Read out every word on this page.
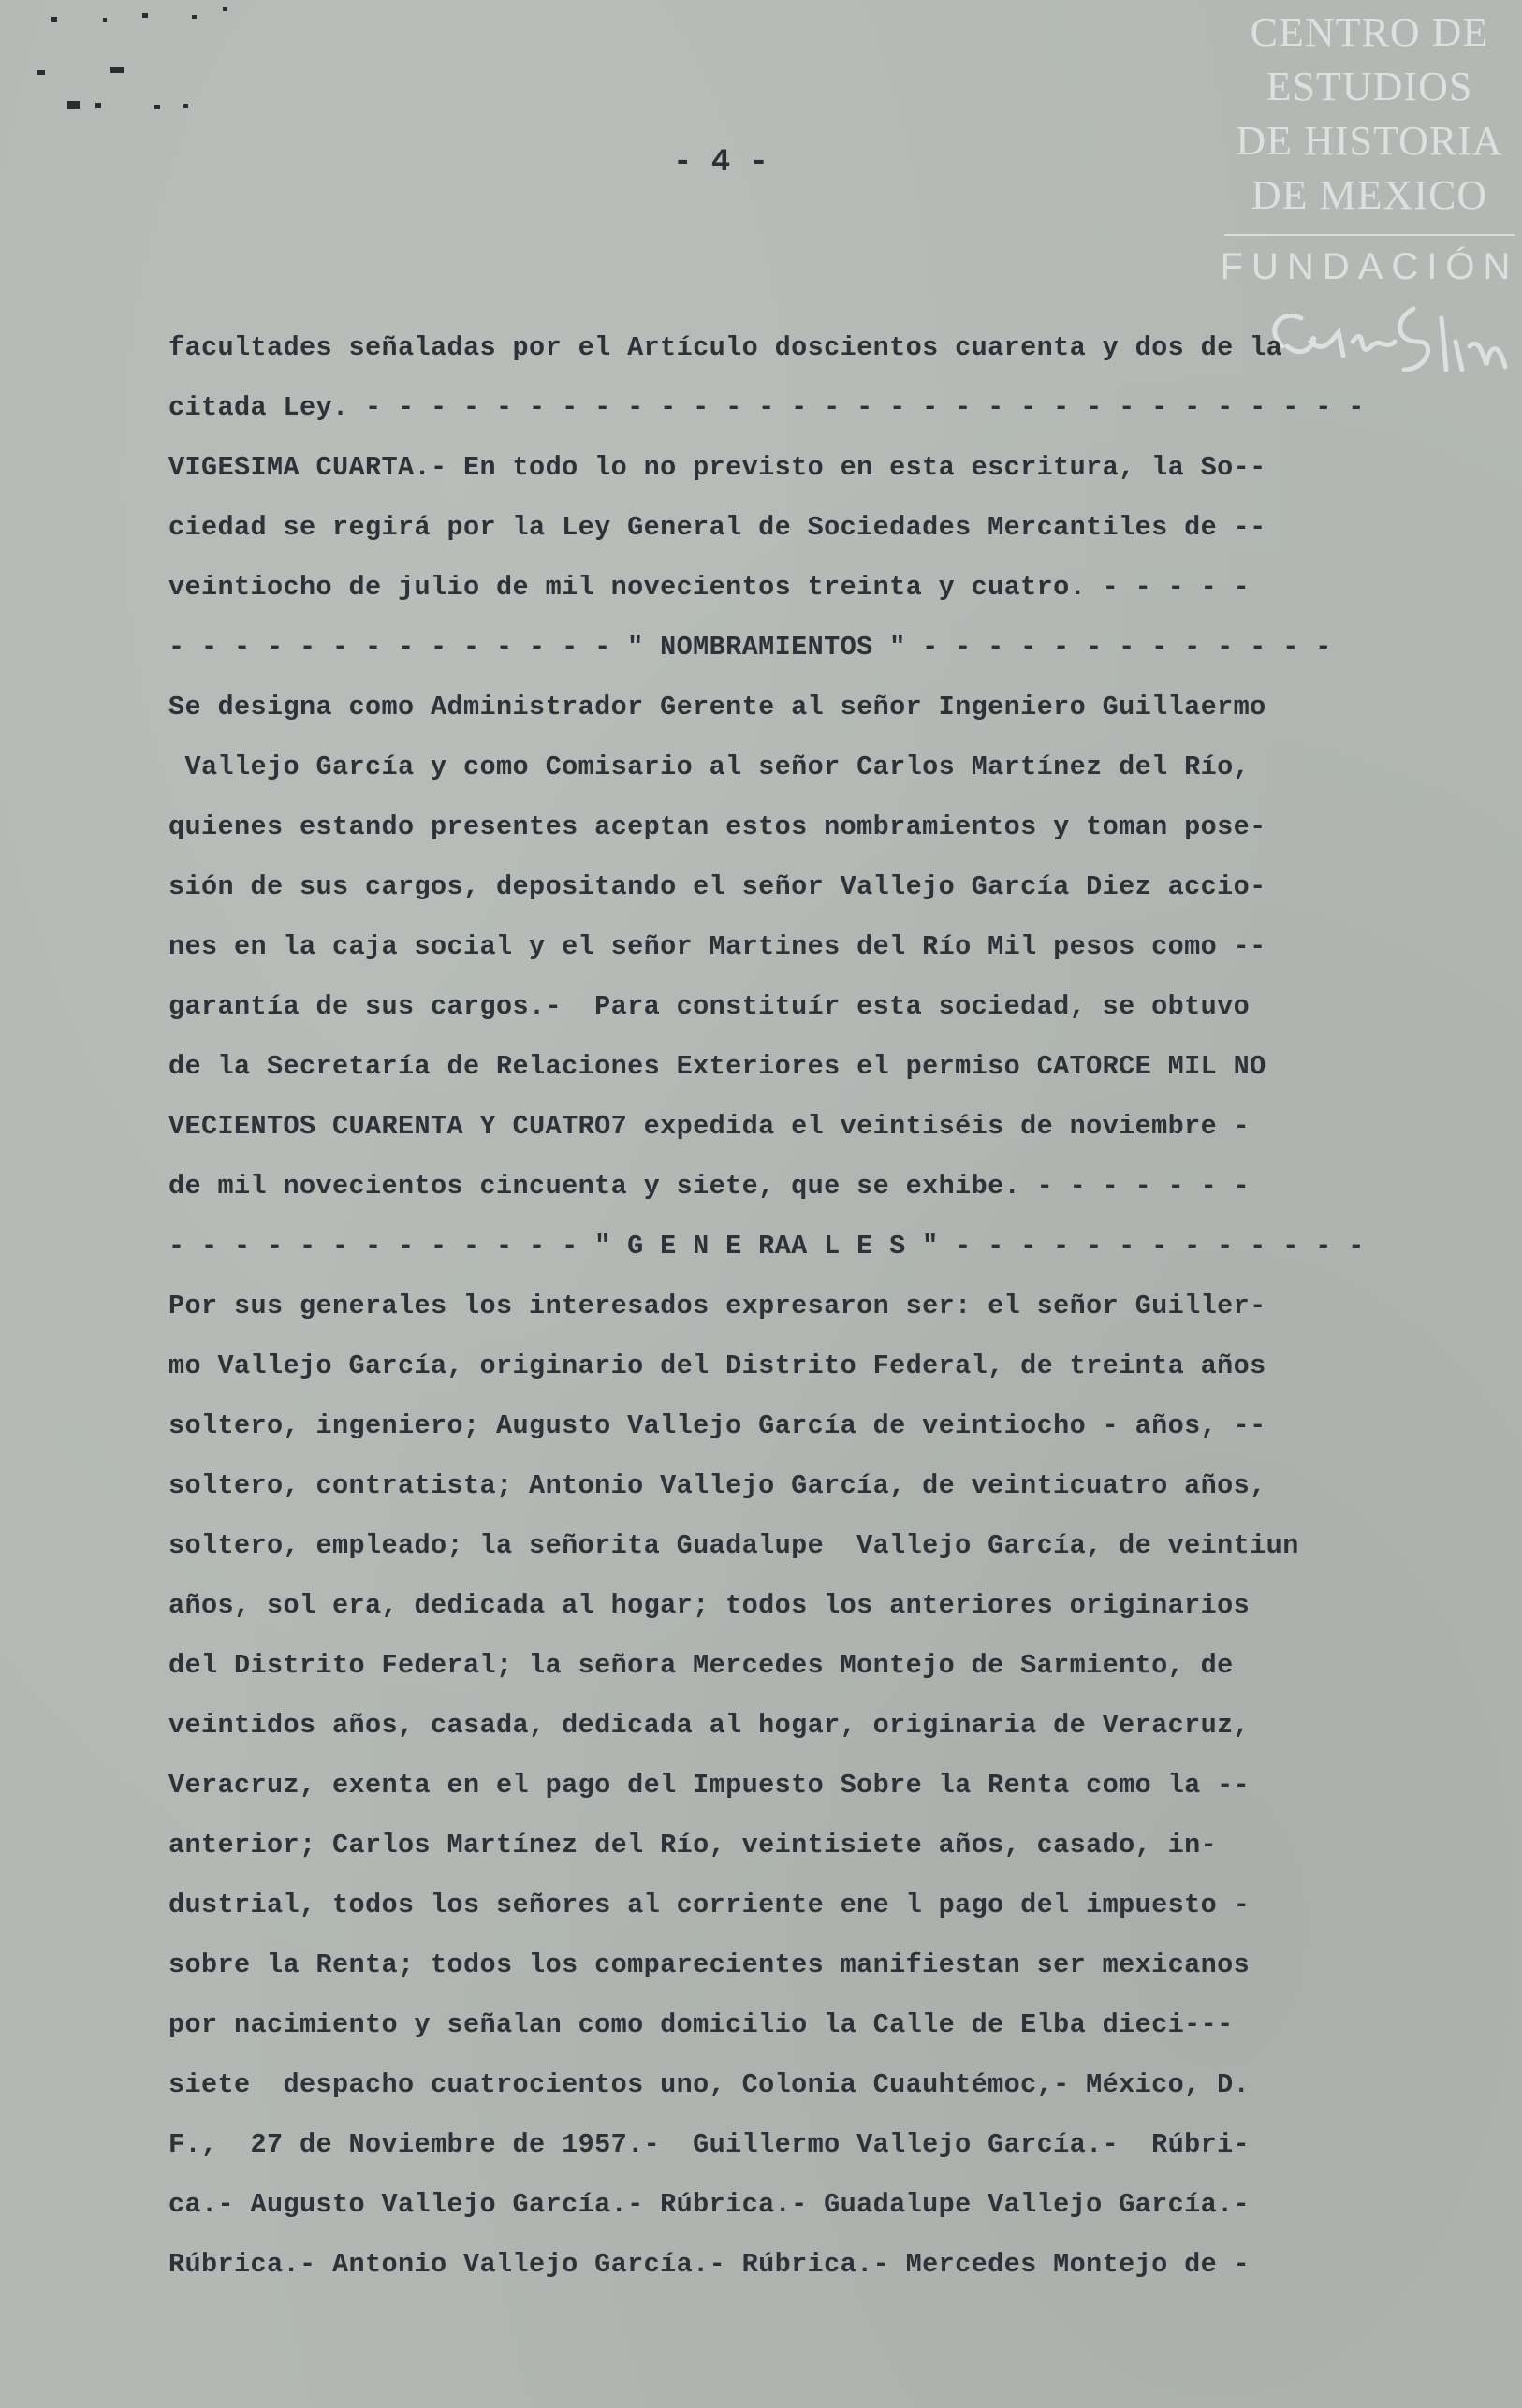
CENTRO DE
ESTUDIOS
DE HISTORIA
DE MEXICO
FUNDACIÓN
- 4 -
facultades señaladas por el Artículo doscientos cuarenta y dos de la
citada Ley. - - - - - - - - - - - - - - - - - - - - - - - - - - - - - - -
VIGESIMA CUARTA.- En todo lo no previsto en esta escritura, la So--
ciedad se regirá por la Ley General de Sociedades Mercantiles de --
veintiocho de julio de mil novecientos treinta y cuatro. - - - - -
- - - - - - - - - - - - - - " NOMBRAMIENTOS " - - - - - - - - - - - - -
Se designa como Administrador Gerente al señor Ingeniero Guillaermo
Vallejo García y como Comisario al señor Carlos Martínez del Río,
quienes estando presentes aceptan estos nombramientos y toman pose-
sión de sus cargos, depositando el señor Vallejo García Diez accio-
nes en la caja social y el señor Martines del Río Mil pesos como --
garantía de sus cargos.-  Para constituír esta sociedad, se obtuvo
de la Secretaría de Relaciones Exteriores el permiso CATORCE MIL NO
VECIENTOS CUARENTA Y CUATRO7 expedida el veintiséis de noviembre -
de mil novecientos cincuenta y siete, que se exhibe. - - - - - - -
- - - - - - - - - - - - - " G E N E RAA L E S " - - - - - - - - - - - - -
Por sus generales los interesados expresaron ser: el señor Guiller-
mo Vallejo García, originario del Distrito Federal, de treinta años
soltero, ingeniero; Augusto Vallejo García de veintiocho - años, --
soltero, contratista; Antonio Vallejo García, de veinticuatro años,
soltero, empleado; la señorita Guadalupe  Vallejo García, de veintiun
años, sol era, dedicada al hogar; todos los anteriores originarios
del Distrito Federal; la señora Mercedes Montejo de Sarmiento, de
veintidos años, casada, dedicada al hogar, originaria de Veracruz,
Veracruz, exenta en el pago del Impuesto Sobre la Renta como la --
anterior; Carlos Martínez del Río, veintisiete años, casado, in-
dustrial, todos los señores al corriente ene l pago del impuesto -
sobre la Renta; todos los comparecientes manifiestan ser mexicanos
por nacimiento y señalan como domicilio la Calle de Elba dieci---
siete  despacho cuatrocientos uno, Colonia Cuauhtémoc,- México, D.
F.,  27 de Noviembre de 1957.-  Guillermo Vallejo García.-  Rúbri-
ca.- Augusto Vallejo García.- Rúbrica.- Guadalupe Vallejo García.-
Rúbrica.- Antonio Vallejo García.- Rúbrica.- Mercedes Montejo de -
